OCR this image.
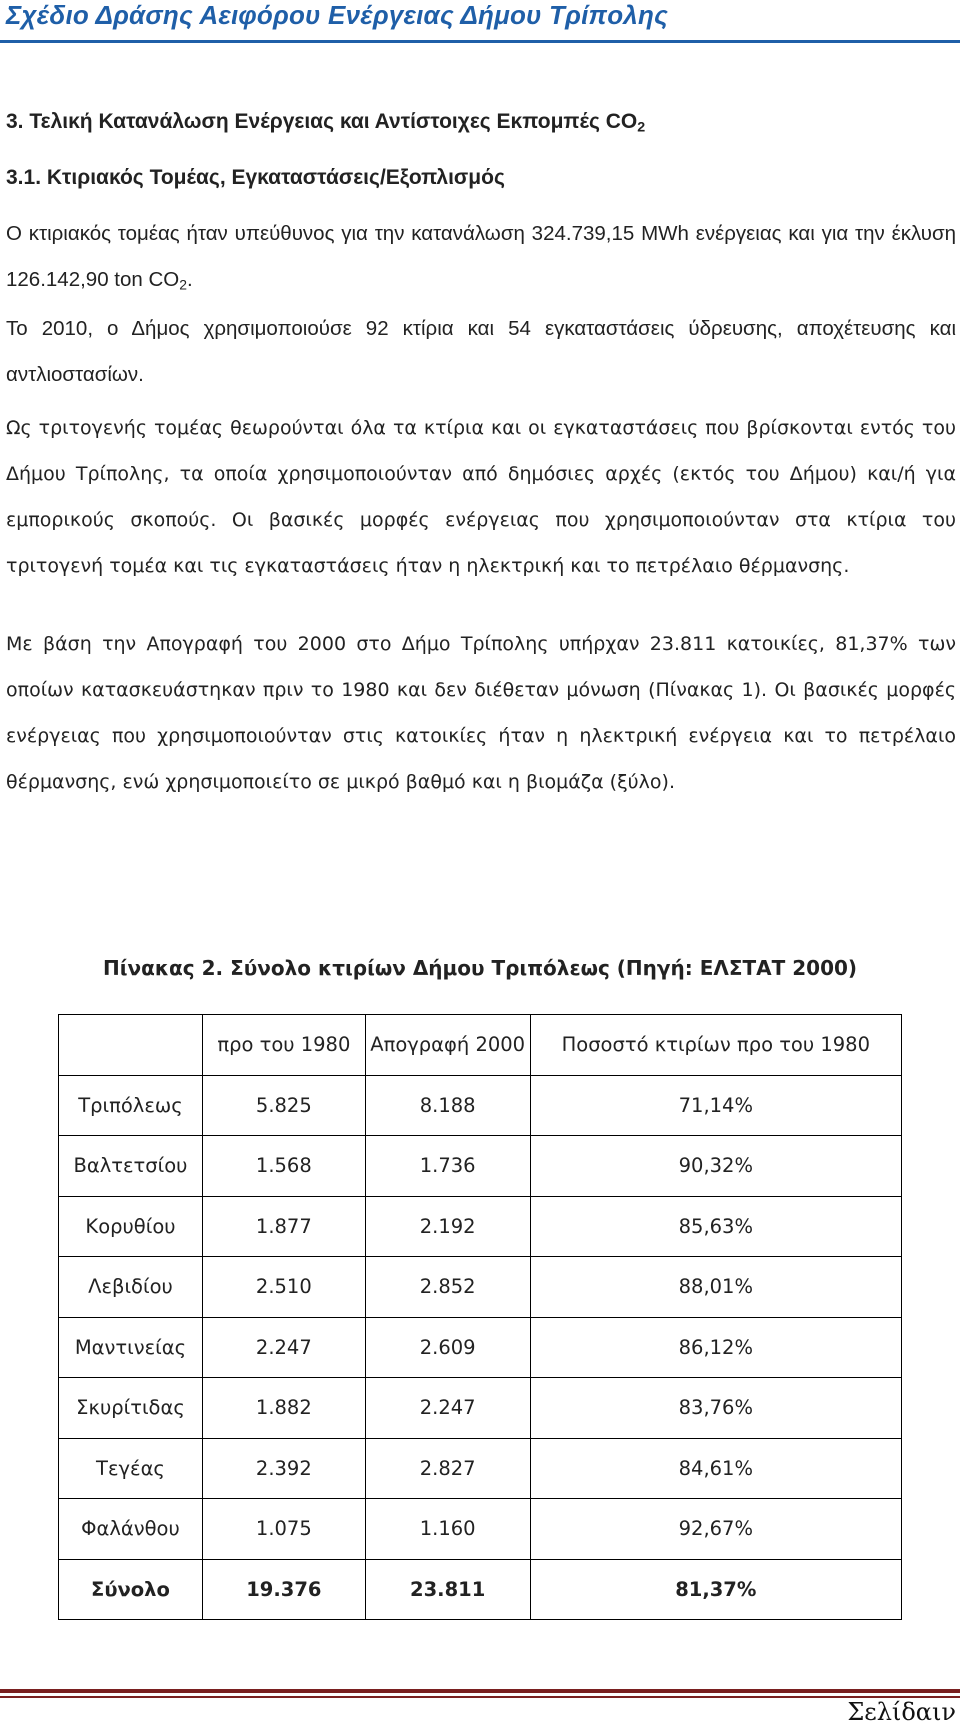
Σχέδιο Δράσης Αειφόρου Ενέργειας Δήμου Τρίπολης
3. Τελική Κατανάλωση Ενέργειας και Αντίστοιχες Εκπομπές $CO_2$
3.1. Κτιριακός Τομέας, Εγκαταστάσεις/Εξοπλισμός
Ο κτιριακός τομέας ήταν υπεύθυνος για την κατανάλωση 324.739,15 MWh ενέργειας και για την έκλυση 126.142,90 ton $CO_2$.
Το 2010, ο Δήμος χρησιμοποιούσε 92 κτίρια και 54 εγκαταστάσεις ύδρευσης, αποχέτευσης και αντλιοστασίων.
Ως τριτογενής τομέας θεωρούνται όλα τα κτίρια και οι εγκαταστάσεις που βρίσκονται εντός του Δήμου Τρίπολης, τα οποία χρησιμοποιούνταν από δημόσιες αρχές (εκτός του Δήμου) και/ή για εμπορικούς σκοπούς. Οι βασικές μορφές ενέργειας που χρησιμοποιούνταν στα κτίρια του τριτογενή τομέα και τις εγκαταστάσεις ήταν η ηλεκτρική και το πετρέλαιο θέρμανσης.
Με βάση την Απογραφή του 2000 στο Δήμο Τρίπολης υπήρχαν 23.811 κατοικίες, 81,37% των οποίων κατασκευάστηκαν πριν το 1980 και δεν διέθεταν μόνωση (Πίνακας 1). Οι βασικές μορφές ενέργειας που χρησιμοποιούνταν στις κατοικίες ήταν η ηλεκτρική ενέργεια και το πετρέλαιο θέρμανσης, ενώ χρησιμοποιείτο σε μικρό βαθμό και η βιομάζα (ξύλο).
Πίνακας 2. Σύνολο κτιρίων Δήμου Τριπόλεως (Πηγή: ΕΛΣΤΑΤ 2000)
	προ του 1980	Απογραφή 2000	Ποσοστό κτιρίων προ του 1980
Τριπόλεως	5.825	8.188	71,14%
Βαλτετσίου	1.568	1.736	90,32%
Κορυθίου	1.877	2.192	85,63%
Λεβιδίου	2.510	2.852	88,01%
Μαντινείας	2.247	2.609	86,12%
Σκυρίτιδας	1.882	2.247	83,76%
Τεγέας	2.392	2.827	84,61%
Φαλάνθου	1.075	1.160	92,67%
Σύνολο	19.376	23.811	81,37%
Σελίδαιν
